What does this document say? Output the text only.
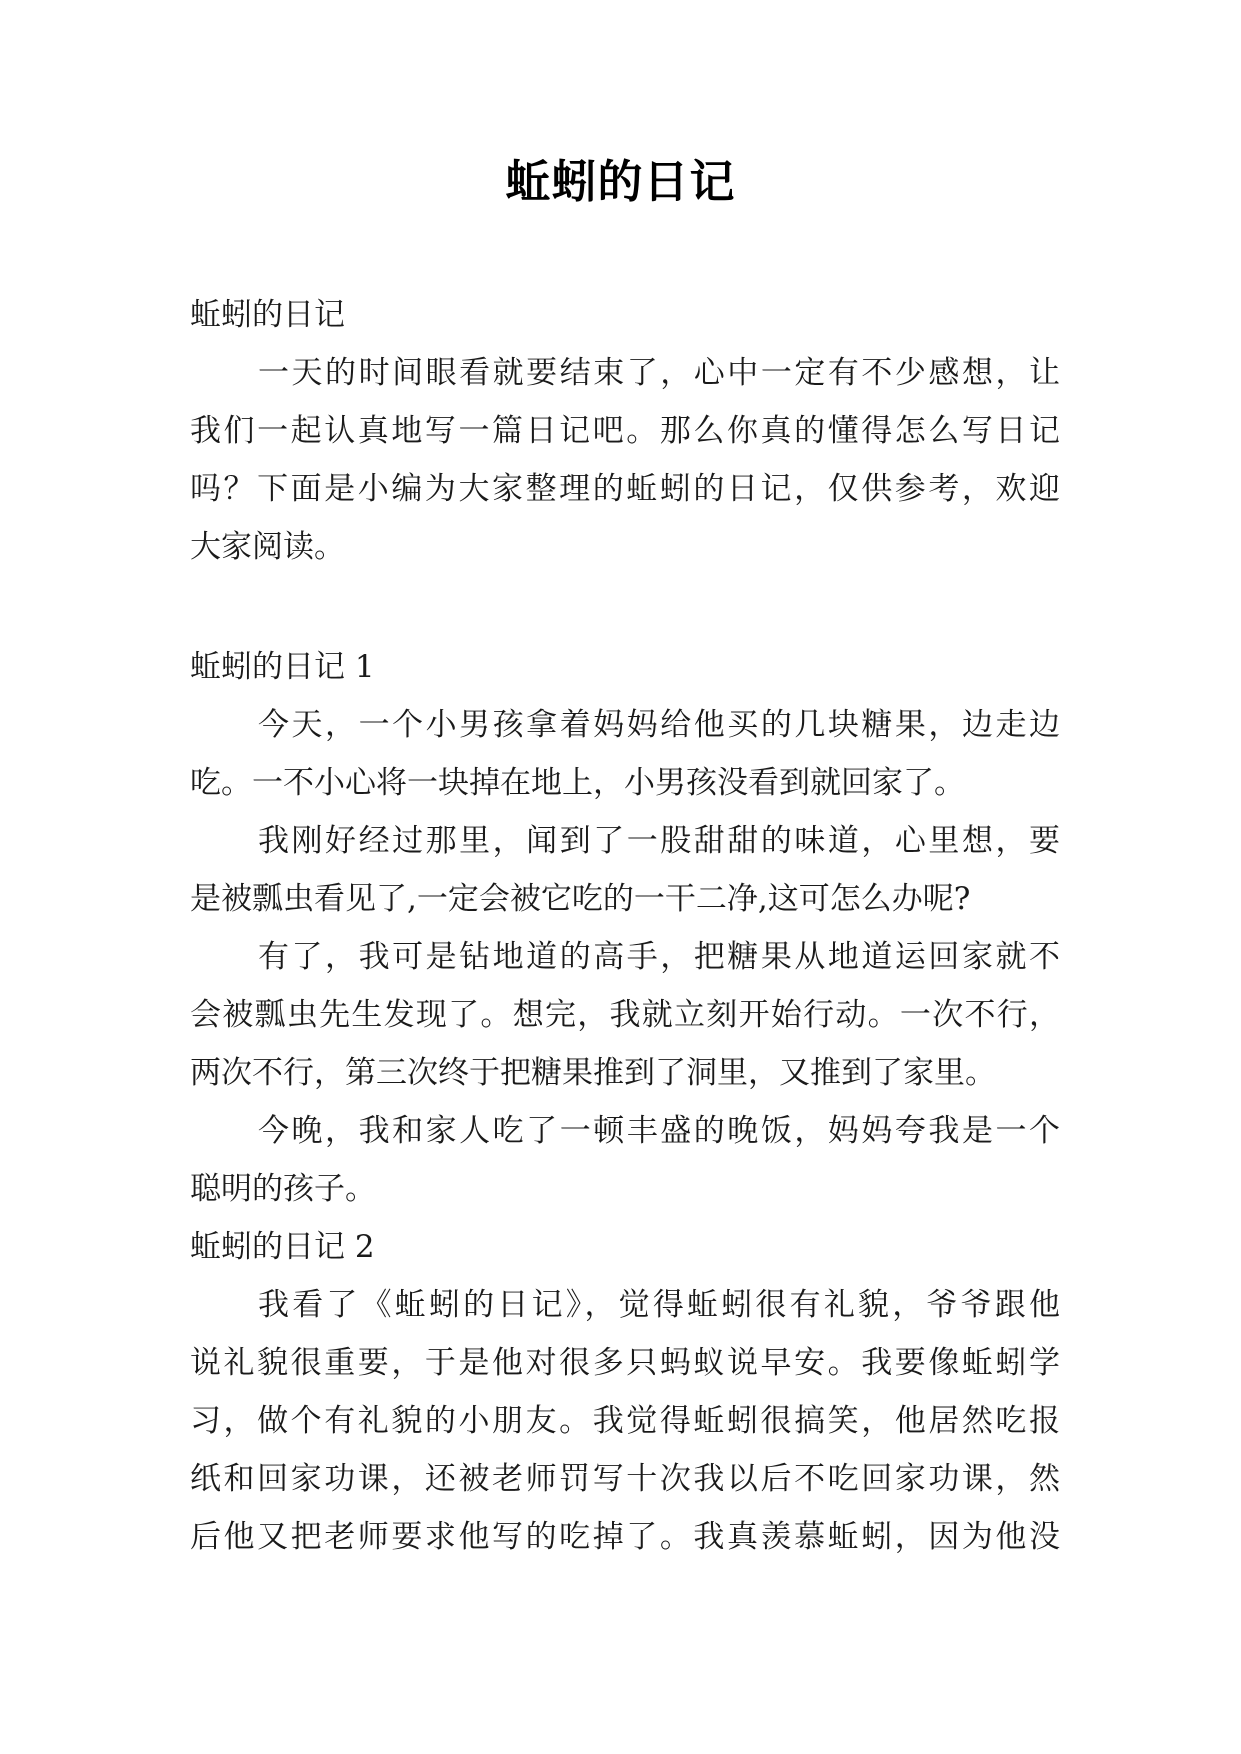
蚯蚓的日记
蚯蚓的日记
一天的时间眼看就要结束了，心中一定有不少感想，让
我们一起认真地写一篇日记吧。那么你真的懂得怎么写日记
吗？下面是小编为大家整理的蚯蚓的日记，仅供参考，欢迎
大家阅读。
蚯蚓的日记 1
今天，一个小男孩拿着妈妈给他买的几块糖果，边走边
吃。一不小心将一块掉在地上，小男孩没看到就回家了。
我刚好经过那里，闻到了一股甜甜的味道，心里想，要
是被瓢虫看见了,一定会被它吃的一干二净,这可怎么办呢?
有了，我可是钻地道的高手，把糖果从地道运回家就不
会被瓢虫先生发现了。想完，我就立刻开始行动。一次不行，
两次不行，第三次终于把糖果推到了洞里，又推到了家里。
今晚，我和家人吃了一顿丰盛的晚饭，妈妈夸我是一个
聪明的孩子。
蚯蚓的日记 2
我看了《蚯蚓的日记》，觉得蚯蚓很有礼貌，爷爷跟他
说礼貌很重要，于是他对很多只蚂蚁说早安。我要像蚯蚓学
习，做个有礼貌的小朋友。我觉得蚯蚓很搞笑，他居然吃报
纸和回家功课，还被老师罚写十次我以后不吃回家功课，然
后他又把老师要求他写的吃掉了。我真羡慕蚯蚓，因为他没
